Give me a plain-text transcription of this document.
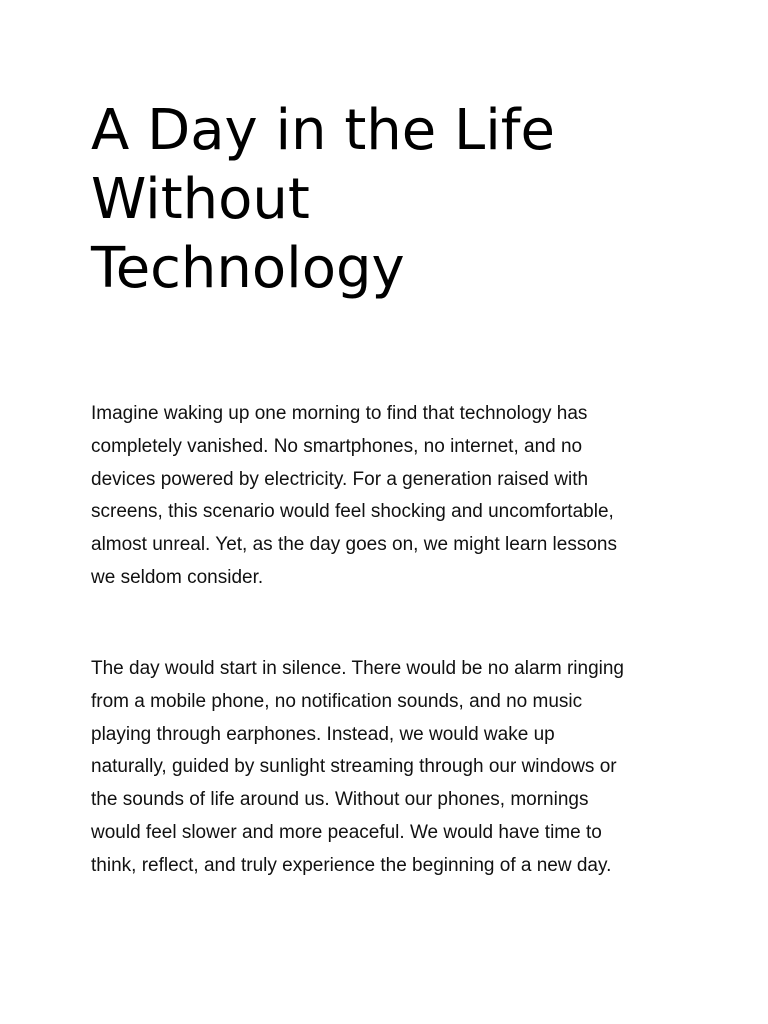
A Day in the Life
Without
Technology

Imagine waking up one morning to find that technology has
completely vanished. No smartphones, no internet, and no
devices powered by electricity. For a generation raised with
screens, this scenario would feel shocking and uncomfortable,
almost unreal. Yet, as the day goes on, we might learn lessons
we seldom consider.

The day would start in silence. There would be no alarm ringing
from a mobile phone, no notification sounds, and no music
playing through earphones. Instead, we would wake up
naturally, guided by sunlight streaming through our windows or
the sounds of life around us. Without our phones, mornings
would feel slower and more peaceful. We would have time to
think, reflect, and truly experience the beginning of a new day.
